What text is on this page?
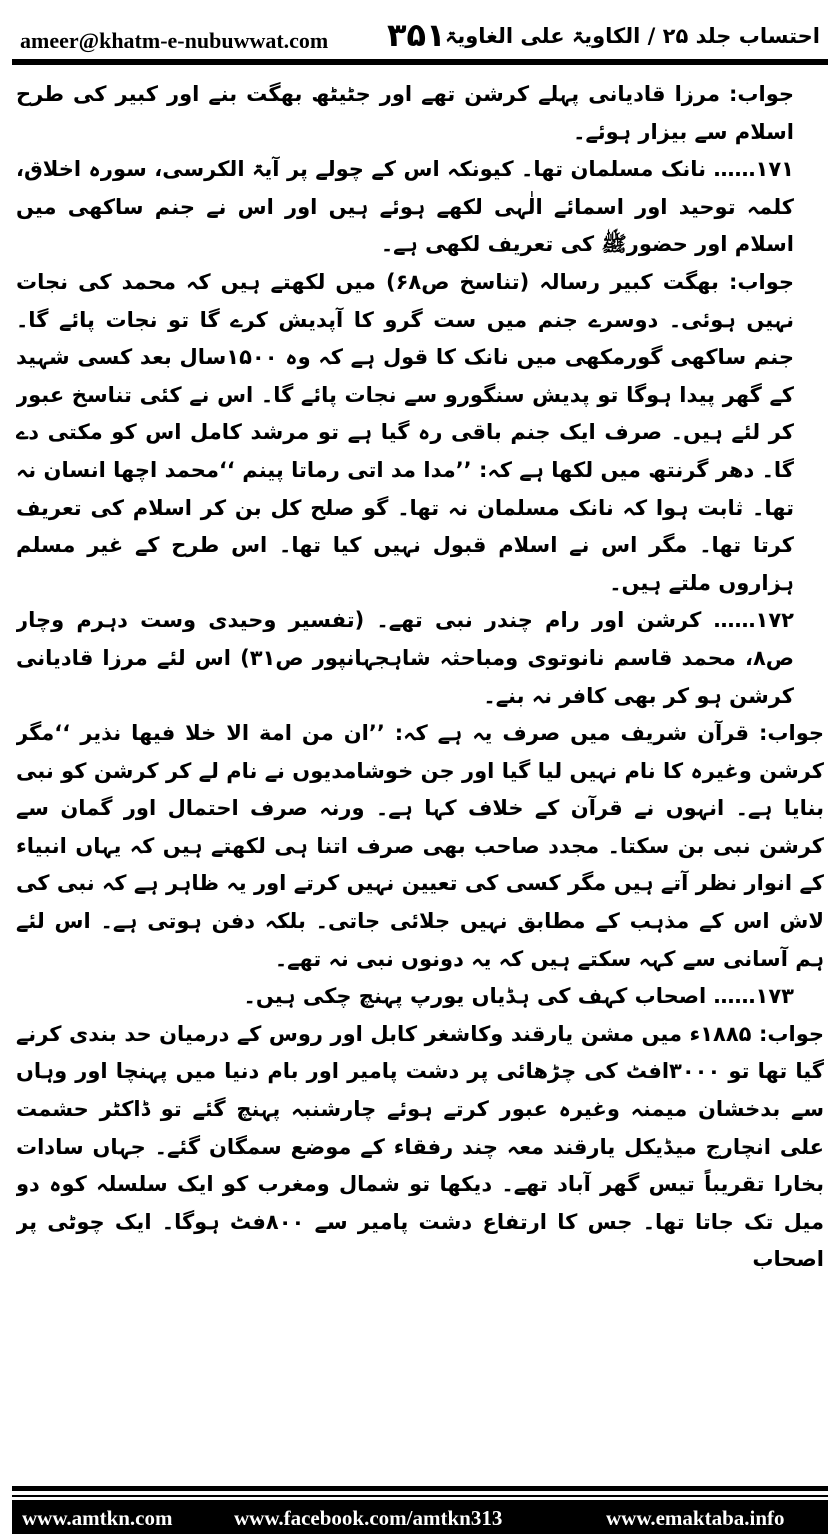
ameer@khatm-e-nubuwwat.com ۳۵۱ احتساب جلد ۲۵ / الکاویۃ علی الغاویۃ

جواب: مرزا قادیانی پہلے کرشن تھے اور جٹیٹھ بھگت بنے اور کبیر کی طرح اسلام سے بیزار ہوئے۔

۱۷۱…… نانک مسلمان تھا۔ کیونکہ اس کے چولے پر آیۃ الکرسی، سورہ اخلاق، کلمہ توحید اور اسمائے الٰہی لکھے ہوئے ہیں اور اس نے جنم ساکھی میں اسلام اور حضورﷺ کی تعریف لکھی ہے۔

جواب: بھگت کبیر رسالہ (تناسخ ص۶۸) میں لکھتے ہیں کہ محمد کی نجات نہیں ہوئی۔ دوسرے جنم میں ست گرو کا آپدیش کرے گا تو نجات پائے گا۔ جنم ساکھی گورمکھی میں نانک کا قول ہے کہ وہ ۱۵۰۰سال بعد کسی شہید کے گھر پیدا ہوگا تو پدیش سنگورو سے نجات پائے گا۔ اس نے کئی تناسخ عبور کر لئے ہیں۔ صرف ایک جنم باقی رہ گیا ہے تو مرشد کامل اس کو مکتی دے گا۔ دھر گرنتھ میں لکھا ہے کہ: ’’مدا مد اتی رماتا پینم ‘‘محمد اچھا انسان نہ تھا۔ ثابت ہوا کہ نانک مسلمان نہ تھا۔ گو صلح کل بن کر اسلام کی تعریف کرتا تھا۔ مگر اس نے اسلام قبول نہیں کیا تھا۔ اس طرح کے غیر مسلم ہزاروں ملتے ہیں۔

۱۷۲…… کرشن اور رام چندر نبی تھے۔ (تفسیر وحیدی وست دہرم وچار ص۸، محمد قاسم نانوتوی ومباحثہ شاہجہانپور ص۳۱) اس لئے مرزا قادیانی کرشن ہو کر بھی کافر نہ بنے۔

جواب: قرآن شریف میں صرف یہ ہے کہ: ’’ان من امة الا خلا فیها نذیر ‘‘مگر کرشن وغیرہ کا نام نہیں لیا گیا اور جن خوشامدیوں نے نام لے کر کرشن کو نبی بنایا ہے۔ انہوں نے قرآن کے خلاف کہا ہے۔ ورنہ صرف احتمال اور گمان سے کرشن نبی بن سکتا۔ مجدد صاحب بھی صرف اتنا ہی لکھتے ہیں کہ یہاں انبیاء کے انوار نظر آتے ہیں مگر کسی کی تعیین نہیں کرتے اور یہ ظاہر ہے کہ نبی کی لاش اس کے مذہب کے مطابق نہیں جلائی جاتی۔ بلکہ دفن ہوتی ہے۔ اس لئے ہم آسانی سے کہہ سکتے ہیں کہ یہ دونوں نبی نہ تھے۔

۱۷۳…… اصحاب کہف کی ہڈیاں یورپ پہنچ چکی ہیں۔

جواب: ۱۸۸۵ء میں مشن یارقند وکاشغر کابل اور روس کے درمیان حد بندی کرنے گیا تھا تو ۳۰۰۰افٹ کی چڑھائی پر دشت پامیر اور بام دنیا میں پہنچا اور وہاں سے بدخشان میمنہ وغیرہ عبور کرتے ہوئے چارشنبہ پہنچ گئے تو ڈاکٹر حشمت علی انچارج میڈیکل یارقند معہ چند رفقاء کے موضع سمگان گئے۔ جہاں سادات بخارا تقریباً تیس گھر آباد تھے۔ دیکھا تو شمال ومغرب کو ایک سلسلہ کوہ دو میل تک جاتا تھا۔ جس کا ارتفاع دشت پامیر سے ۸۰۰فٹ ہوگا۔ ایک چوٹی پر اصحاب

www.amtkn.com	www.facebook.com/amtkn313	www.emaktaba.info
